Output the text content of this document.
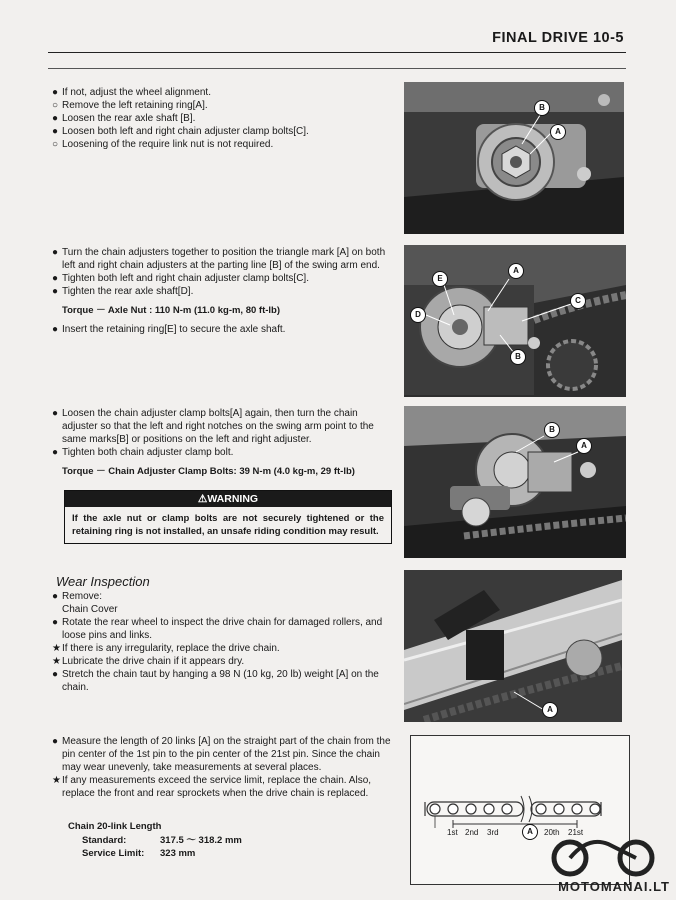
FINAL DRIVE 10-5
● If not, adjust the wheel alignment.
○ Remove the left retaining ring[A].
● Loosen the rear axle shaft [B].
● Loosen both left and right chain adjuster clamp bolts[C].
○ Loosening of the require link nut is not required.
B
A
● Turn the chain adjusters together to position the triangle mark [A] on both left and right chain adjusters at the parting line [B] of the swing arm end.
● Tighten both left and right chain adjuster clamp bolts[C].
● Tighten the rear axle shaft[D].
Torque － Axle Nut : 110 N-m (11.0 kg-m, 80 ft-lb)
● Insert the retaining ring[E] to secure the axle shaft.
A
E
C
D
B
● Loosen the chain adjuster clamp bolts[A] again, then turn the chain adjuster so that the left and right notches on the swing arm point to the same marks[B] or positions on the left and right adjuster.
● Tighten both chain adjuster clamp bolt.
Torque － Chain Adjuster Clamp Bolts: 39 N-m (4.0 kg-m, 29 ft-lb)
⚠WARNING
If the axle nut or clamp bolts are not securely tightened or the retaining ring is not installed, an unsafe riding condition may result.
B
A
Wear Inspection
● Remove:
Chain Cover
● Rotate the rear wheel to inspect the drive chain for damaged rollers, and loose pins and links.
★ If there is any irregularity, replace the drive chain.
★ Lubricate the drive chain if it appears dry.
● Stretch the chain taut by hanging a 98 N (10 kg, 20 lb) weight [A] on the chain.
A
● Measure the length of 20 links [A] on the straight part of the chain from the pin center of the 1st pin to the pin center of the 21st pin. Since the chain may wear unevenly, take measurements at several places.
★ If any measurements exceed the service limit, replace the chain. Also, replace the front and rear sprockets when the drive chain is replaced.
Chain 20-link Length
Standard:	317.5 ～ 318.2 mm
Service Limit:	323 mm
1st 2nd 3rd	20th 21st
A
MOTOMANAI.LT
